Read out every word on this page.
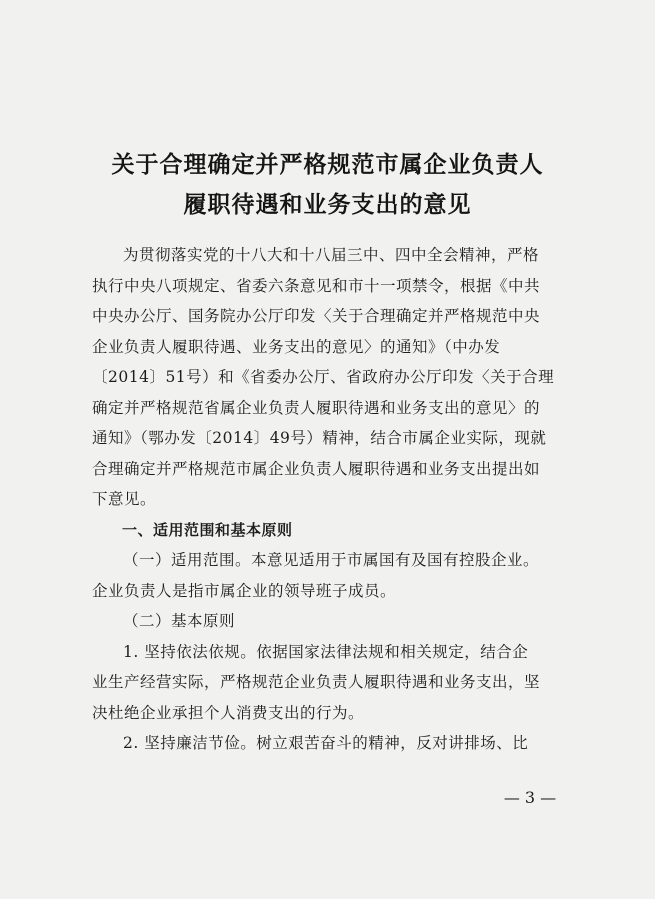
关于合理确定并严格规范市属企业负责人
履职待遇和业务支出的意见
为贯彻落实党的十八大和十八届三中、四中全会精神，严格
执行中央八项规定、省委六条意见和市十一项禁令，根据《中共
中央办公厅、国务院办公厅印发〈关于合理确定并严格规范中央
企业负责人履职待遇、业务支出的意见〉的通知》（中办发
〔2014〕51号）和《省委办公厅、省政府办公厅印发〈关于合理
确定并严格规范省属企业负责人履职待遇和业务支出的意见〉的
通知》（鄂办发〔2014〕49号）精神，结合市属企业实际，现就
合理确定并严格规范市属企业负责人履职待遇和业务支出提出如
下意见。
一、适用范围和基本原则
（一）适用范围。本意见适用于市属国有及国有控股企业。
企业负责人是指市属企业的领导班子成员。
（二）基本原则
1. 坚持依法依规。依据国家法律法规和相关规定，结合企
业生产经营实际，严格规范企业负责人履职待遇和业务支出，坚
决杜绝企业承担个人消费支出的行为。
2. 坚持廉洁节俭。树立艰苦奋斗的精神，反对讲排场、比
— 3 —
